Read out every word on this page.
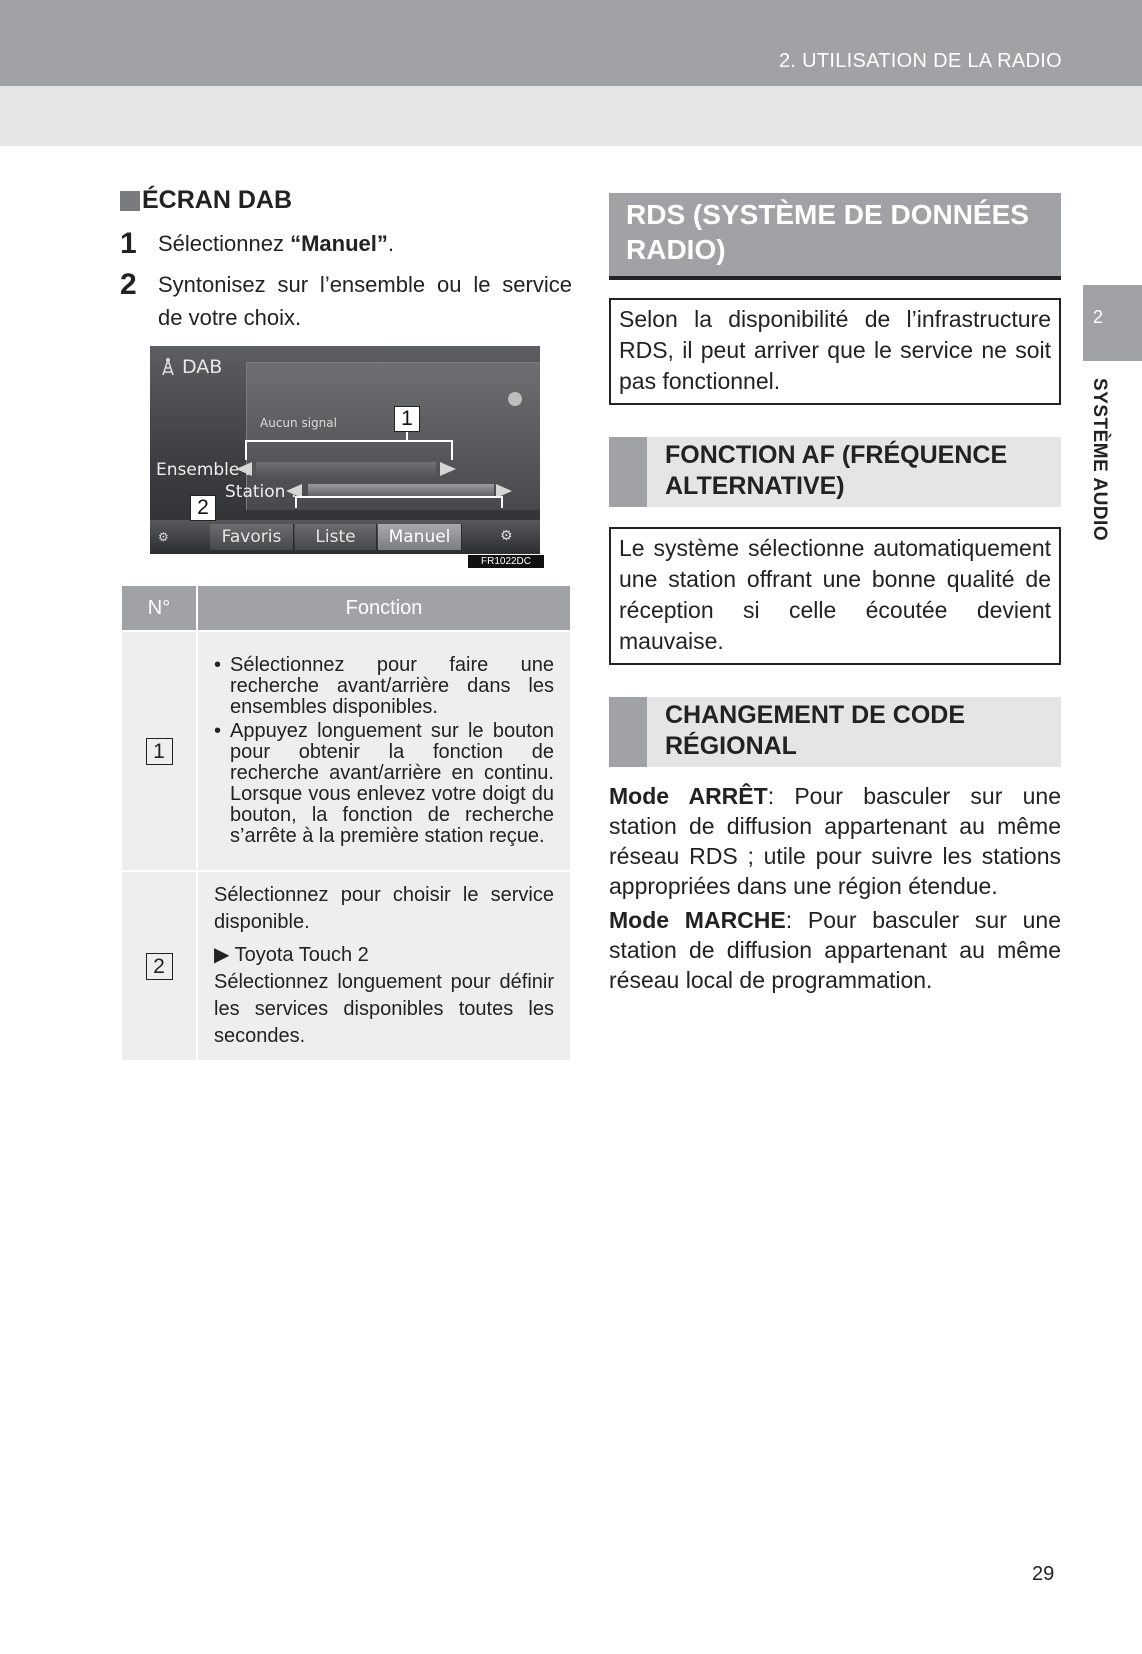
2. UTILISATION DE LA RADIO
2
SYSTÈME AUDIO
ÉCRAN DAB
1 Sélectionnez “Manuel”.
2 Syntonisez sur l’ensemble ou le service de votre choix.
DAB
Aucun signal
Ensemble :
Station :
⚙	Favoris	Liste	Manuel	⚙
1
2
FR1022DC
N°	Fonction
1	• Sélectionnez pour faire une recherche avant/arrière dans les ensembles disponibles.
• Appuyez longuement sur le bouton pour obtenir la fonction de recherche avant/arrière en continu. Lorsque vous enlevez votre doigt du bouton, la fonction de recherche s’arrête à la première station reçue.

2	Sélectionnez pour choisir le service disponible.

▶ Toyota Touch 2

Sélectionnez longuement pour définir les services disponibles toutes les secondes.

RDS (SYSTÈME DE DONNÉES RADIO)
Selon la disponibilité de l’infrastructure RDS, il peut arriver que le service ne soit pas fonctionnel.
FONCTION AF (FRÉQUENCE ALTERNATIVE)
Le système sélectionne automatiquement une station offrant une bonne qualité de réception si celle écoutée devient mauvaise.
CHANGEMENT DE CODE RÉGIONAL

Mode ARRÊT: Pour basculer sur une station de diffusion appartenant au même réseau RDS ; utile pour suivre les stations appropriées dans une région étendue.

Mode MARCHE: Pour basculer sur une station de diffusion appartenant au même réseau local de programmation.

29
